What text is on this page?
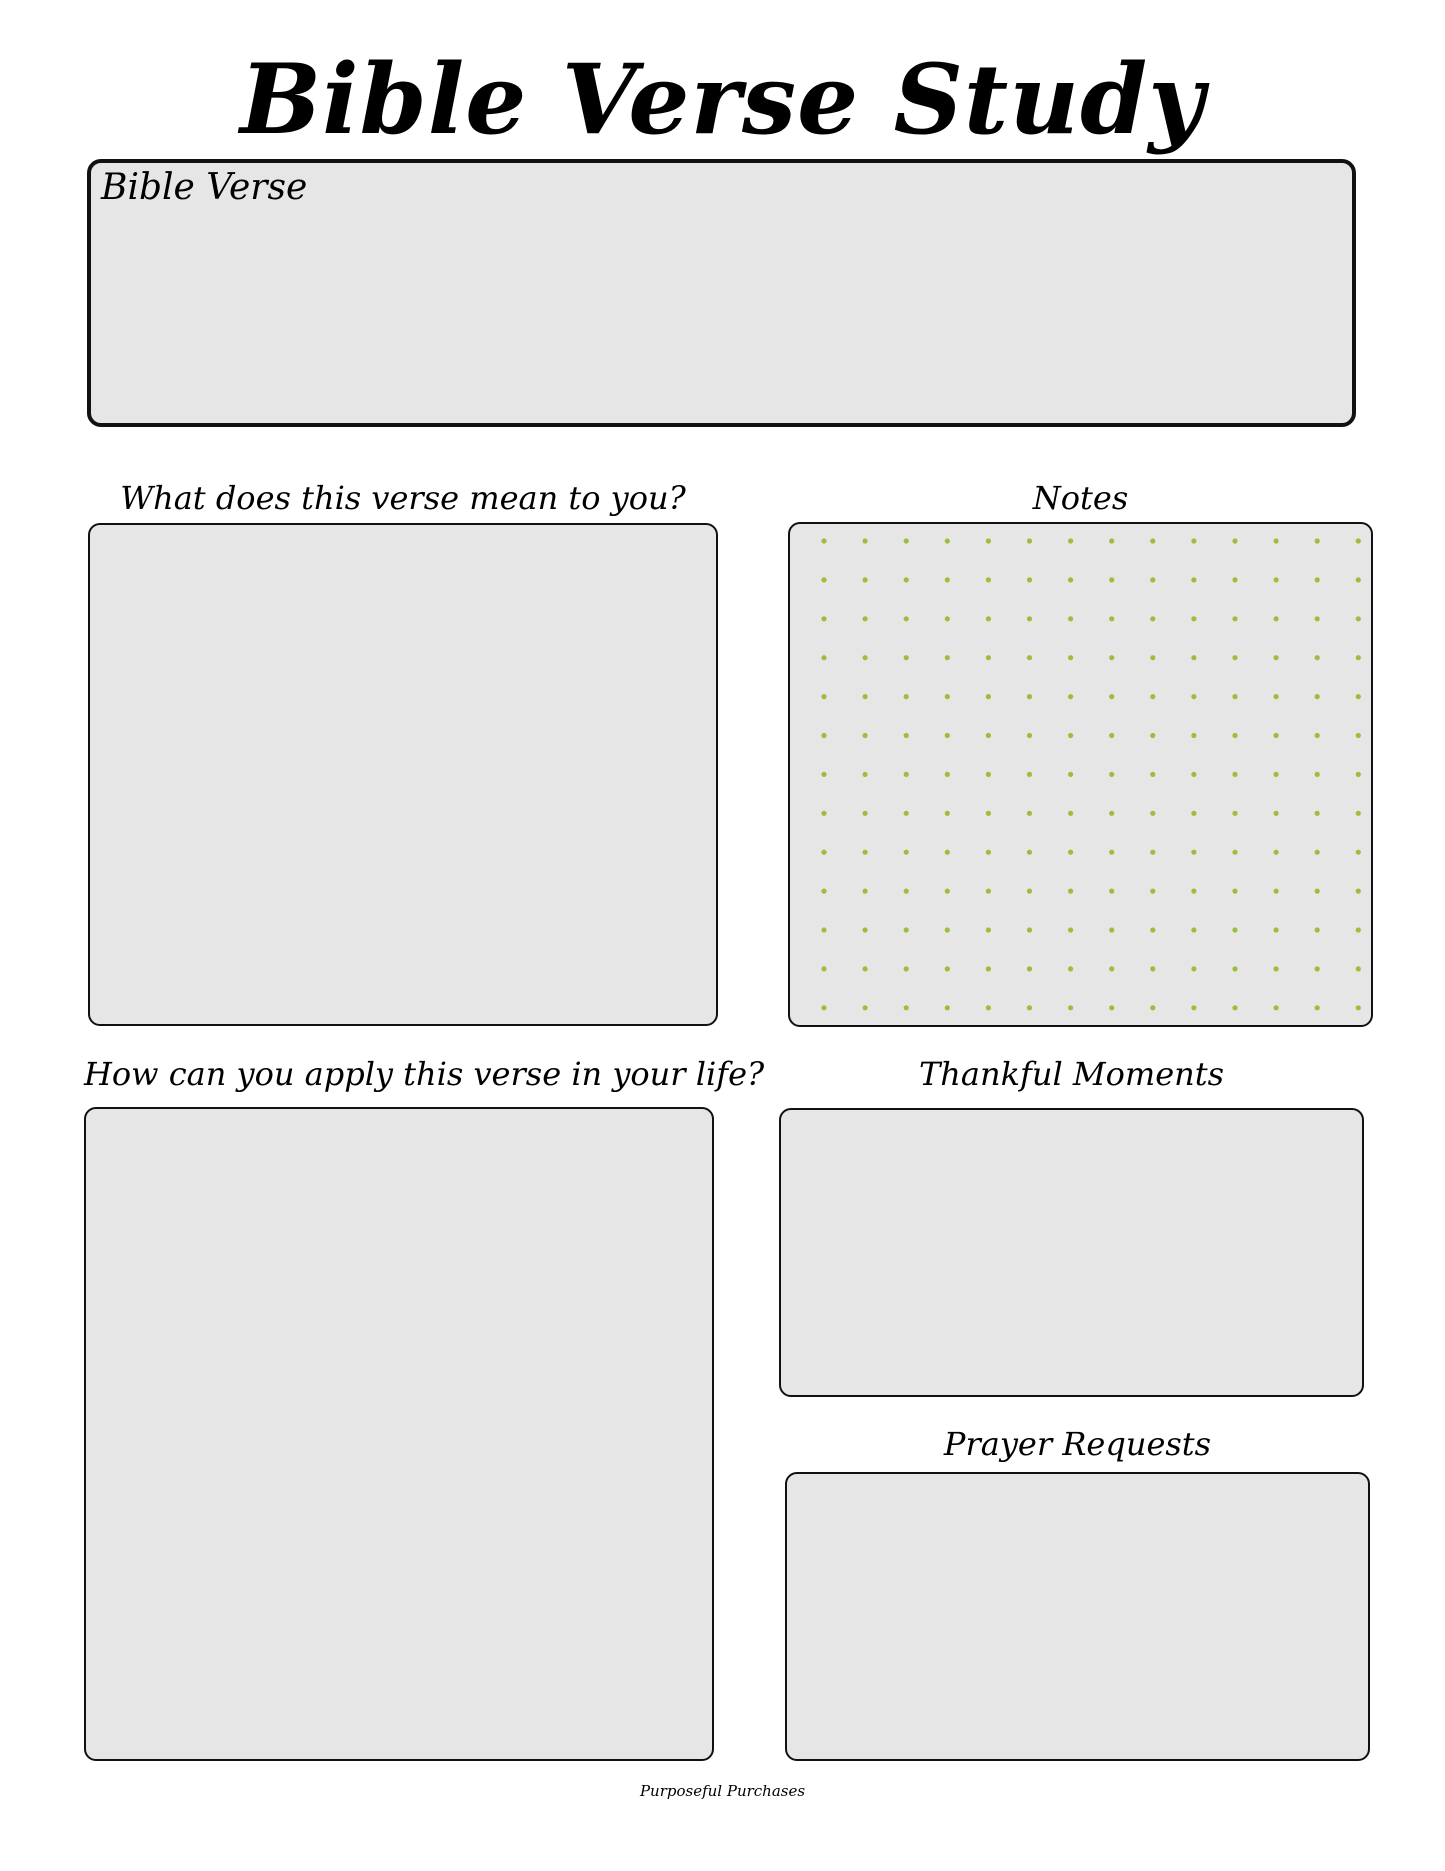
Bible Verse Study
Bible Verse
What does this verse mean to you?	Notes
How can you apply this verse in your life?	Thankful Moments
Prayer Requests
Purposeful Purchases
